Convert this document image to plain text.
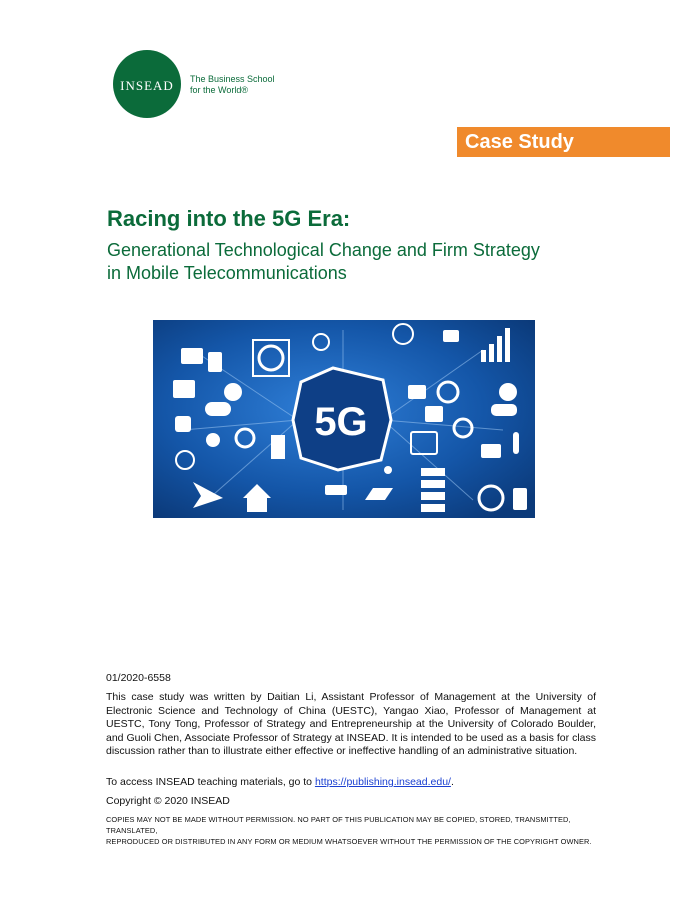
INSEAD The Business School
for the World®
Case Study
Racing into the 5G Era:
Generational Technological Change and Firm Strategy
in Mobile Telecommunications
5G
01/2020-6558
This case study was written by Daitian Li, Assistant Professor of Management at the University of Electronic Science and Technology of China (UESTC), Yangao Xiao, Professor of Management at UESTC, Tony Tong, Professor of Strategy and Entrepreneurship at the University of Colorado Boulder, and Guoli Chen, Associate Professor of Strategy at INSEAD. It is intended to be used as a basis for class discussion rather than to illustrate either effective or ineffective handling of an administrative situation.
To access INSEAD teaching materials, go to https://publishing.insead.edu/.
Copyright © 2020 INSEAD
COPIES MAY NOT BE MADE WITHOUT PERMISSION. NO PART OF THIS PUBLICATION MAY BE COPIED, STORED, TRANSMITTED, TRANSLATED,
REPRODUCED OR DISTRIBUTED IN ANY FORM OR MEDIUM WHATSOEVER WITHOUT THE PERMISSION OF THE COPYRIGHT OWNER.
